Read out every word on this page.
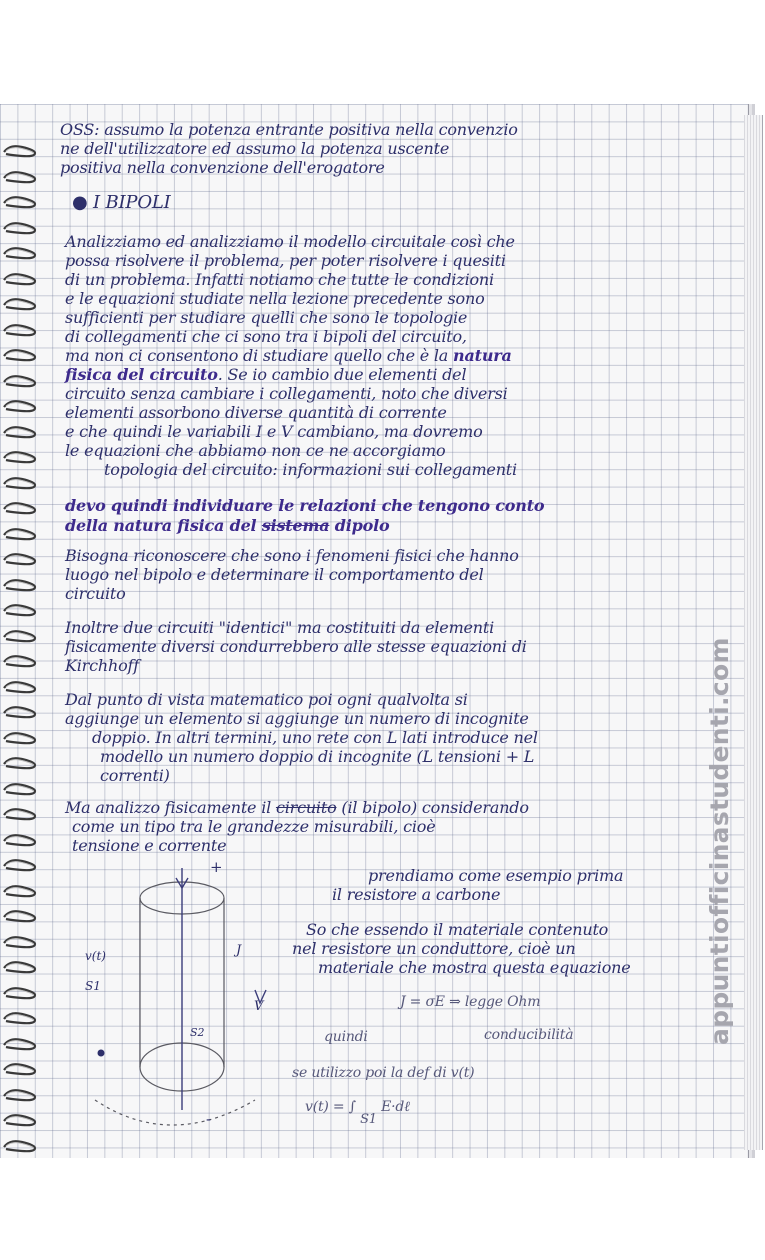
OSS: assumo la potenza entrante positiva nella convenzio
ne dell'utilizzatore ed assumo la potenza uscente
positiva nella convenzione dell'erogatore
● I BIPOLI
Analizziamo ed analizziamo il modello circuitale così che
possa risolvere il problema, per poter risolvere i quesiti
di un problema. Infatti notiamo che tutte le condizioni
e le equazioni studiate nella lezione precedente sono
sufficienti per studiare quelli che sono le topologie
di collegamenti che ci sono tra i bipoli del circuito,
ma non ci consentono di studiare quello che è la natura
fisica del circuito. Se io cambio due elementi del
circuito senza cambiare i collegamenti, noto che diversi
elementi assorbono diverse quantità di corrente
e che quindi le variabili I e V cambiano, ma dovremo
le equazioni che abbiamo non ce ne accorgiamo
topologia del circuito: informazioni sui collegamenti
devo quindi individuare le relazioni che tengono conto
della natura fisica del sistema dipolo
Bisogna riconoscere che sono i fenomeni fisici che hanno
luogo nel bipolo e determinare il comportamento del
circuito
Inoltre due circuiti "identici" ma costituiti da elementi
fisicamente diversi condurrebbero alle stesse equazioni di
Kirchhoff
Dal punto di vista matematico poi ogni qualvolta si
aggiunge un elemento si aggiunge un numero di incognite
doppio. In altri termini, uno rete con L lati introduce nel
modello un numero doppio di incognite (L tensioni + L
correnti)
Ma analizzo fisicamente il circuito (il bipolo) considerando
come un tipo tra le grandezze misurabili, cioè
tensione e corrente
prendiamo come esempio prima
il resistore a carbone
So che essendo il materiale contenuto
nel resistore un conduttore, cioè un
materiale che mostra questa equazione
J = σE ⇒ legge Ohm
quindi	conducibilità
se utilizzo poi la def di v(t)
v(t) = ∫ S1 E·dℓ
+
-
v(t)
S1
S2
J
V	appuntiofficinastudenti.com
